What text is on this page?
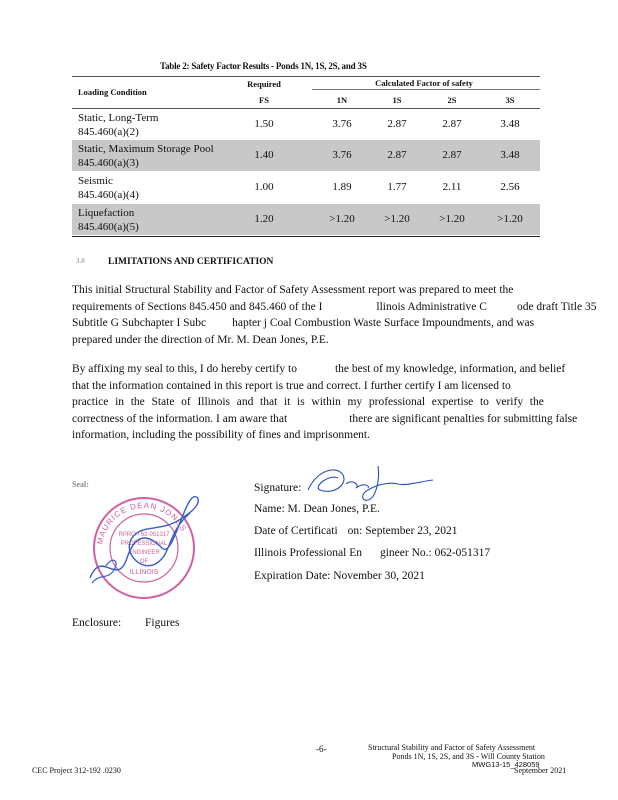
Table 2: Safety Factor Results - Ponds 1N, 1S, 2S, and 3S
Loading Condition
Required
FS
Calculated Factor of safety
1N	1S	2S	3S
Static, Long-Term
845.460(a)(2)
1.50	3.76	2.87	2.87	3.48
Static, Maximum Storage Pool
845.460(a)(3)
1.40	3.76	2.87	2.87	3.48
Seismic
845.460(a)(4)
1.00	1.89	1.77	2.11	2.56
Liquefaction
845.460(a)(5)
1.20	>1.20	>1.20	>1.20	>1.20
3.0 LIMITATIONS AND CERTIFICATION
This initial Structural Stability and Factor of Safety Assessment report was prepared to meet the
requirements of Sections 845.450 and 845.460 of the I	llinois Administrative C	ode draft Title 35
Subtitle G Subchapter I Subc hapter j Coal Combustion Waste Surface Impoundments, and was
prepared under the direction of Mr. M. Dean Jones, P.E.
By affixing my seal to this, I do hereby certify to	the best of my knowledge, information, and belief
that the information contained in this report is true and correct. I further certify I am licensed to
practice in the State of Illinois and that it is within my professional expertise to verify the
correctness of the information. I am aware that	there are significant penalties for submitting false
information, including the possibility of fines and imprisonment.
Seal:
MAURICE DEAN JONES
RPRO / 62-051317
PROFESSIONAL
ENGINEER
OF
ILLINOIS
Signature:
Name: M. Dean Jones, P.E.
Date of Certificati on: September 23, 2021
Illinois Professional En gineer No.: 062-051317
Expiration Date: November 30, 2021
Enclosure: Figures
-6-	Structural Stability and Factor of Safety Assessment
Ponds 1N, 1S, 2S, and 3S - Will County Station
MWG13-15_428059
CEC Project 312-192 .0230	September 2021
